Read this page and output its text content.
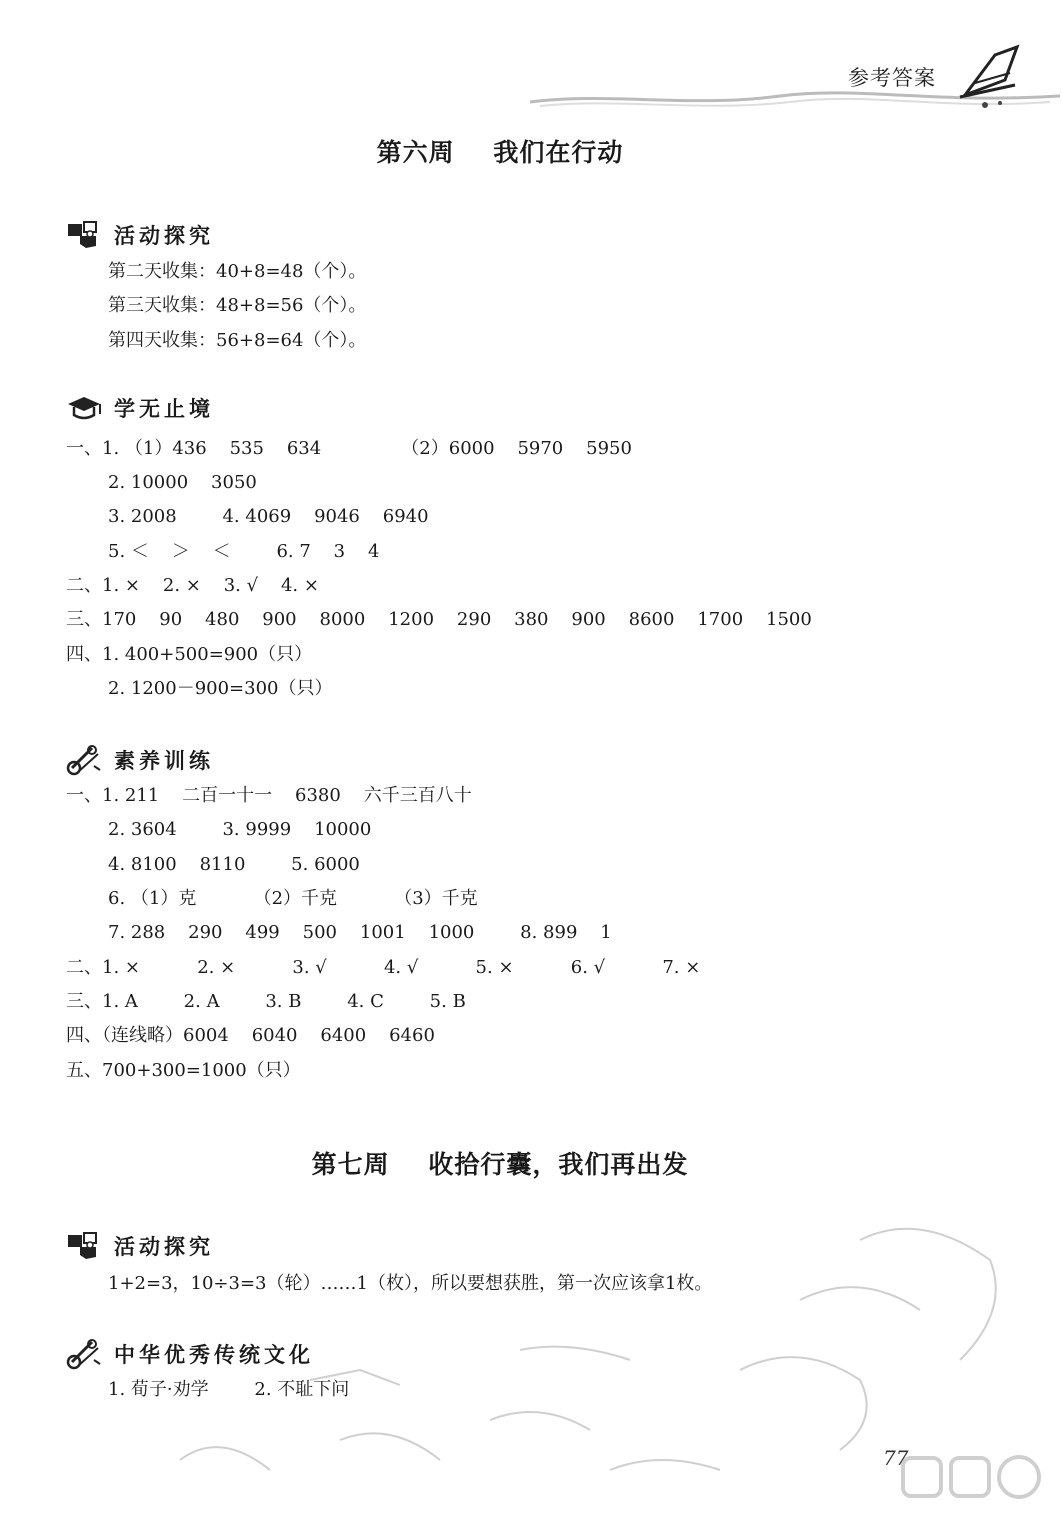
参考答案
第六周    我们在行动
活动探究
第二天收集：40+8=48（个）。
第三天收集：48+8=56（个）。
第四天收集：56+8=64（个）。
学无止境
一、1. （1）436    535    634              （2）6000    5970    5950
2. 10000    3050
3. 2008        4. 4069    9046    6940
5. ＜    ＞    ＜        6. 7    3    4
二、1. ×    2. ×    3. √    4. ×
三、170    90    480    900    8000    1200    290    380    900    8600    1700    1500
四、1. 400+500=900（只）
2. 1200－900=300（只）
素养训练
一、1. 211    二百一十一    6380    六千三百八十
2. 3604        3. 9999    10000
4. 8100    8110        5. 6000
6. （1）克          （2）千克          （3）千克
7. 288    290    499    500    1001    1000        8. 899    1
二、1. ×          2. ×          3. √          4. √          5. ×          6. √          7. ×
三、1. A        2. A        3. B        4. C        5. B
四、（连线略）6004    6040    6400    6460
五、700+300=1000（只）
第七周    收拾行囊，我们再出发
活动探究
1+2=3，10÷3=3（轮）……1（枚），所以要想获胜，第一次应该拿1枚。
中华优秀传统文化
1. 荀子·劝学        2. 不耻下问
77
